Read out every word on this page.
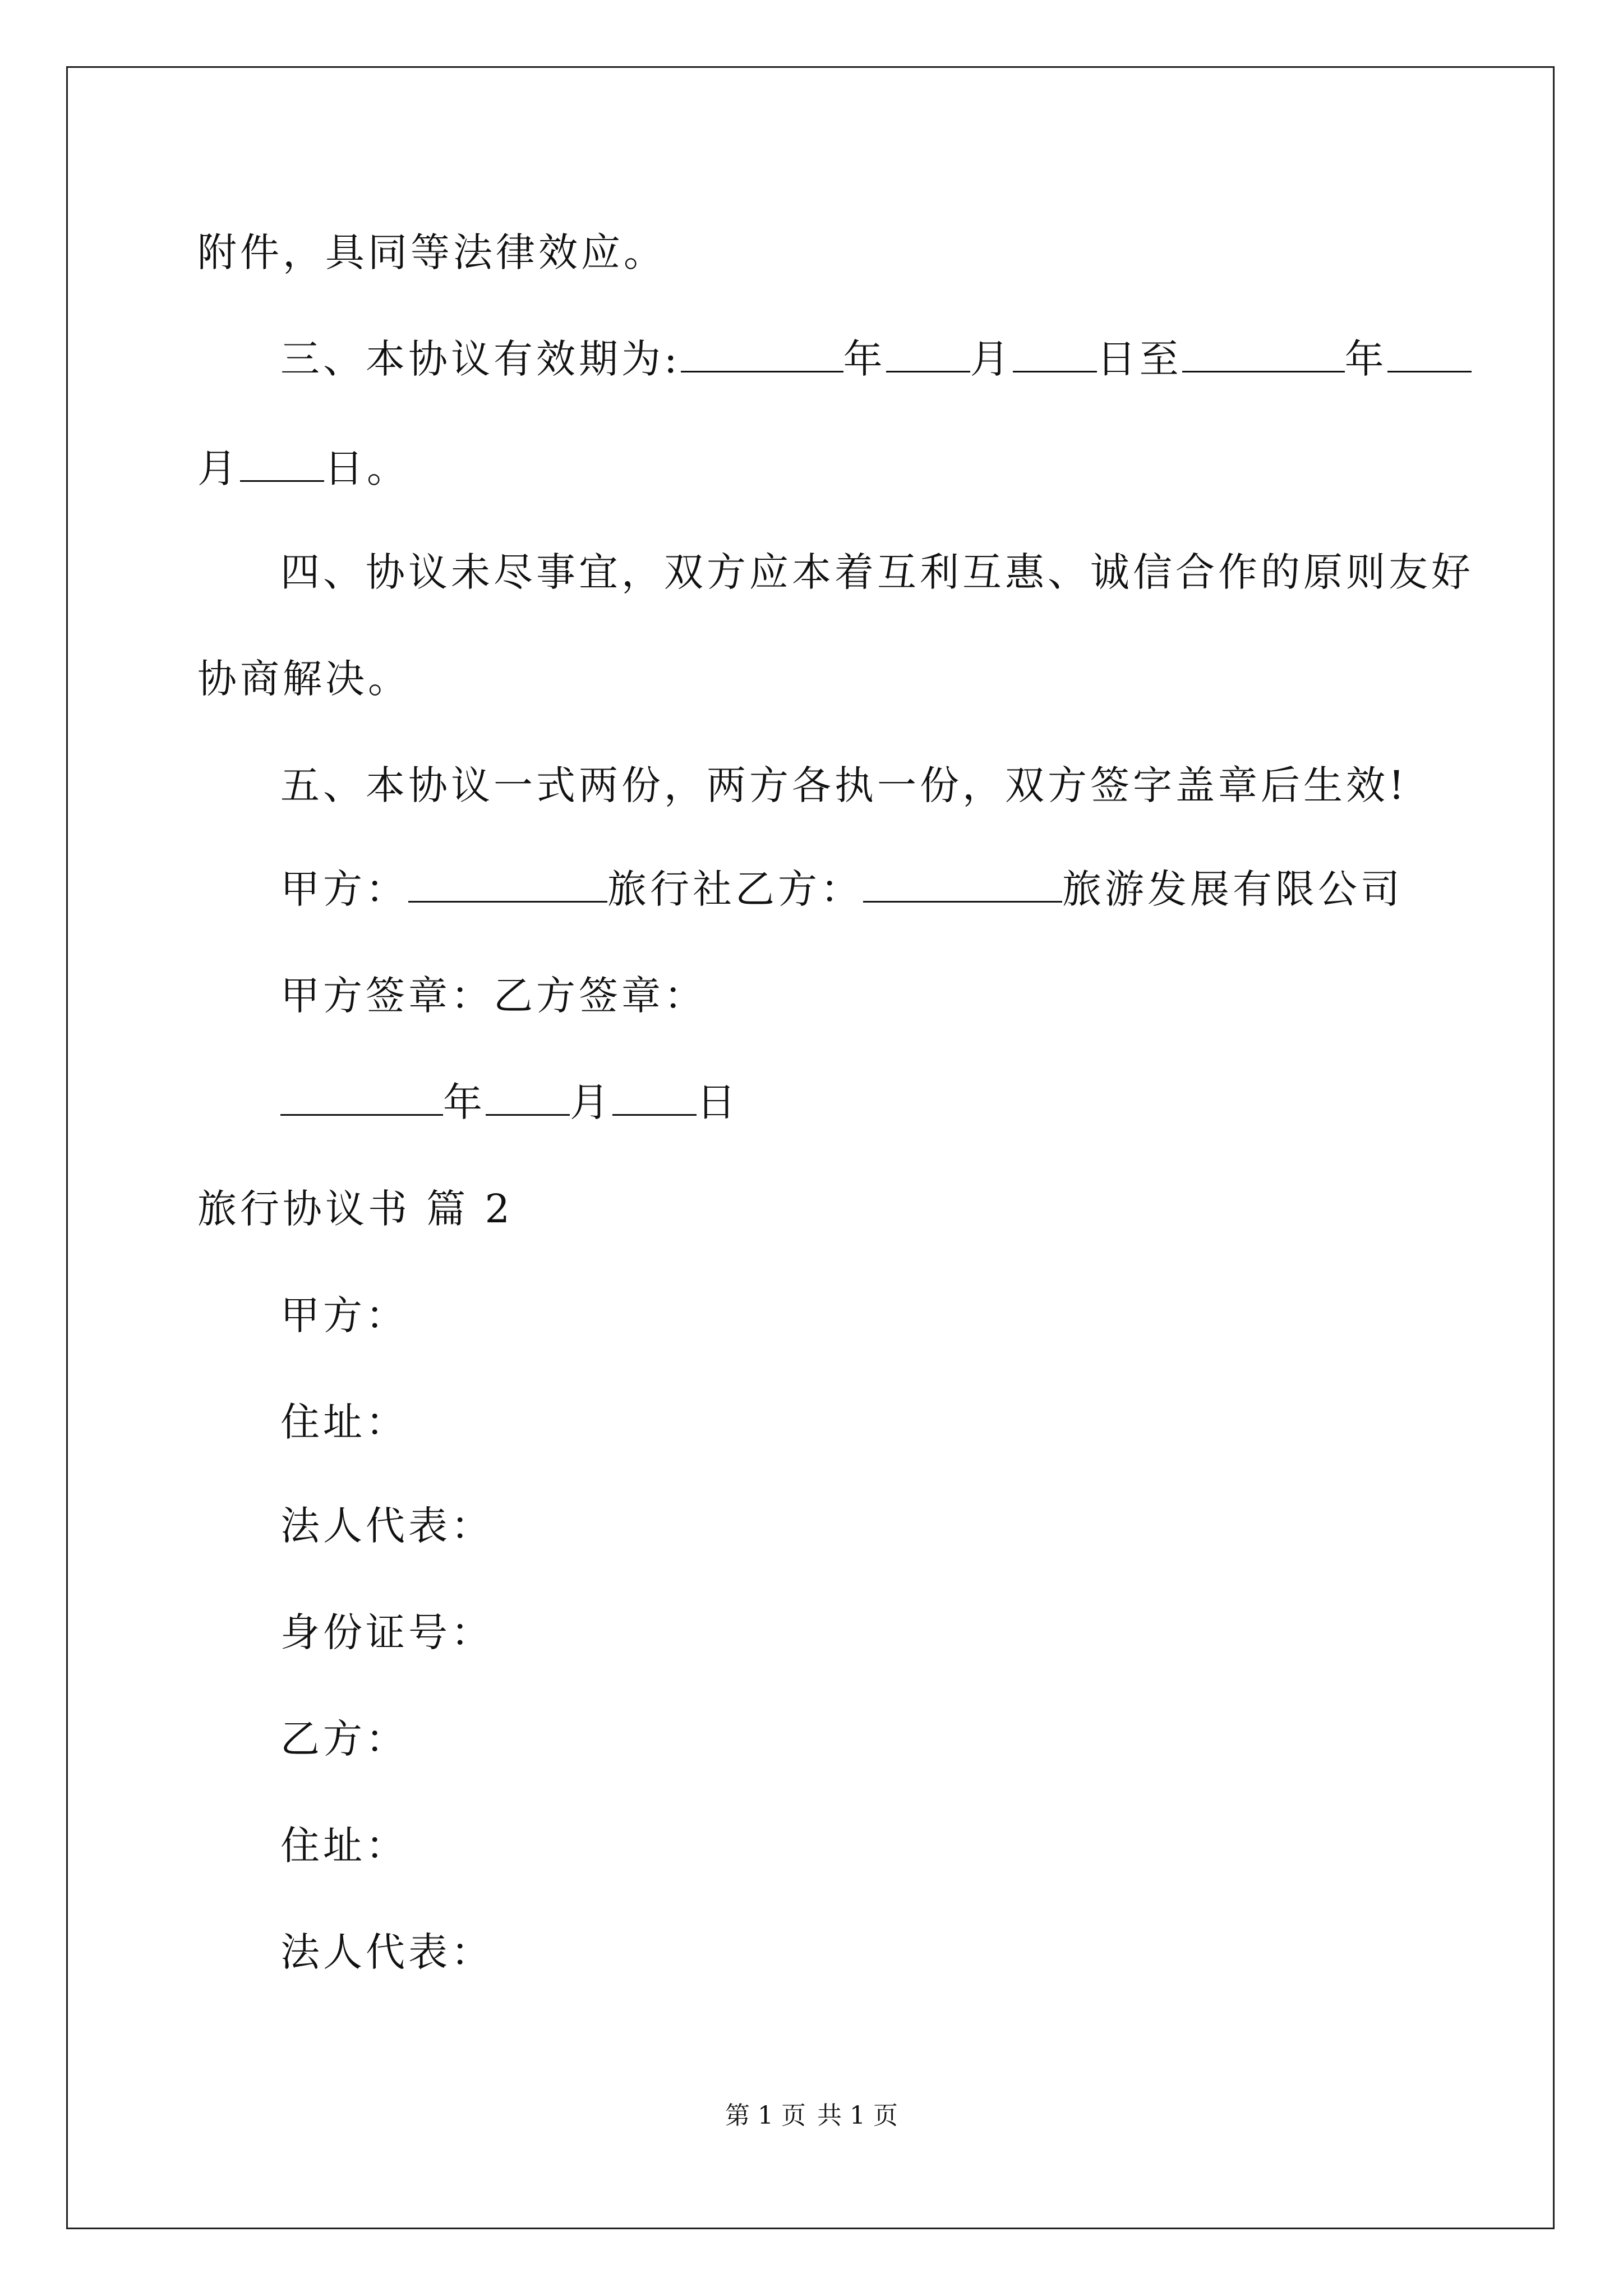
附件，具同等法律效应。
三、本协议有效期为:	年 月 日至	年
月 日。
四、协议未尽事宜，双方应本着互利互惠、诚信合作的原则友好
协商解决。
五、本协议一式两份，两方各执一份，双方签字盖章后生效!
甲方：	旅行社乙方：	旅游发展有限公司
甲方签章：乙方签章：
年 月 日
旅行协议书 篇 2
甲方：
住址：
法人代表：
身份证号：
乙方：
住址：
法人代表：
第 1 页 共 1 页
